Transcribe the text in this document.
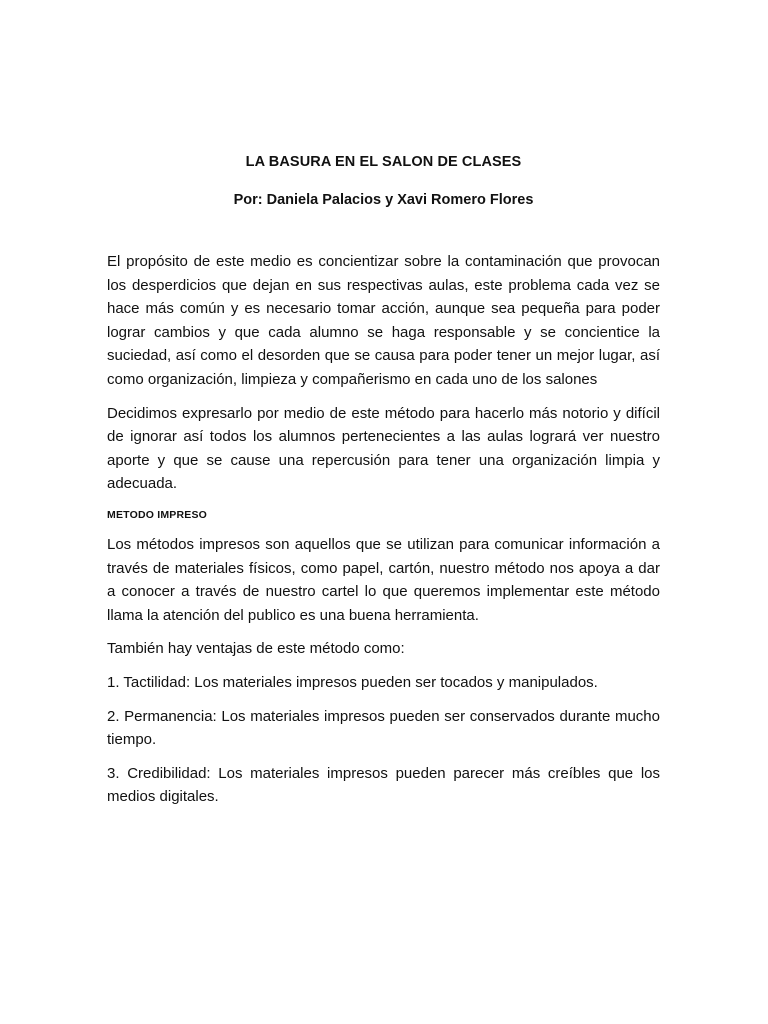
LA BASURA EN EL SALON DE CLASES

Por: Daniela Palacios y Xavi Romero Flores

El propósito de este medio es concientizar sobre la contaminación que provocan los desperdicios que dejan en sus respectivas aulas, este problema cada vez se hace más común y es necesario tomar acción, aunque sea pequeña para poder lograr cambios y que cada alumno se haga responsable y se concientice la suciedad, así como el desorden que se causa para poder tener un mejor lugar, así como organización, limpieza y compañerismo en cada uno de los salones

Decidimos expresarlo por medio de este método para hacerlo más notorio y difícil de ignorar así todos los alumnos pertenecientes a las aulas logrará ver nuestro aporte y que se cause una repercusión para tener una organización limpia y adecuada.

METODO IMPRESO

Los métodos impresos son aquellos que se utilizan para comunicar información a través de materiales físicos, como papel, cartón, nuestro método nos apoya a dar a conocer a través de nuestro cartel lo que queremos implementar este método llama la atención del publico es una buena herramienta.

También hay ventajas de este método como:

1. Tactilidad: Los materiales impresos pueden ser tocados y manipulados.

2. Permanencia: Los materiales impresos pueden ser conservados durante mucho tiempo.

3. Credibilidad: Los materiales impresos pueden parecer más creíbles que los medios digitales.
